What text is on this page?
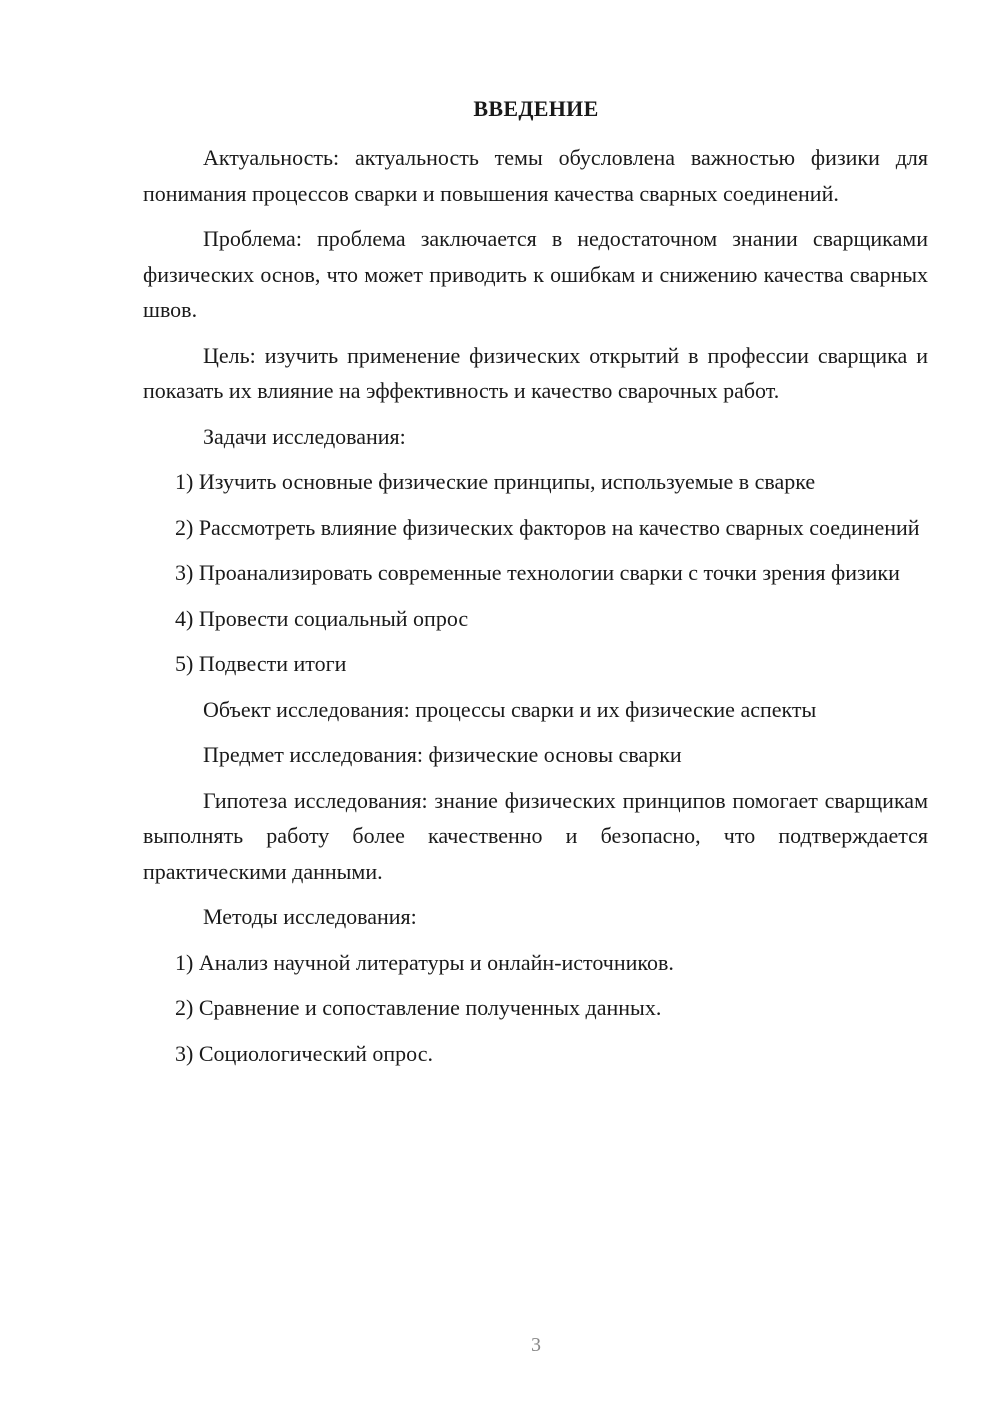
ВВЕДЕНИЕ

Актуальность: актуальность темы обусловлена важностью физики для понимания процессов сварки и повышения качества сварных соединений.

Проблема: проблема заключается в недостаточном знании сварщиками физических основ, что может приводить к ошибкам и снижению качества сварных швов.

Цель: изучить применение физических открытий в профессии сварщика и показать их влияние на эффективность и качество сварочных работ.

Задачи исследования:

1) Изучить основные физические принципы, используемые в сварке

2) Рассмотреть влияние физических факторов на качество сварных соединений

3) Проанализировать современные технологии сварки с точки зрения физики

4) Провести социальный опрос

5) Подвести итоги

Объект исследования: процессы сварки и их физические аспекты

Предмет исследования: физические основы сварки

Гипотеза исследования: знание физических принципов помогает сварщикам выполнять работу более качественно и безопасно, что подтверждается практическими данными.

Методы исследования:

1) Анализ научной литературы и онлайн-источников.

2) Сравнение и сопоставление полученных данных.

3) Социологический опрос.

3
